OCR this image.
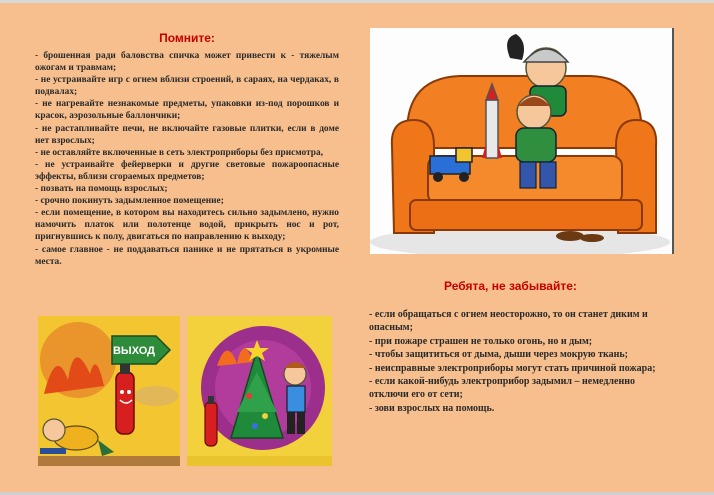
Помните:

- брошенная ради баловства спичка может привести к - тяжелым ожогам и травмам;

- не устраивайте игр с огнем вблизи строений, в сараях, на чердаках, в подвалах;

- не нагревайте незнакомые предметы, упаковки из-под порошков и красок, аэрозольные баллончики;

- не растапливайте печи, не включайте газовые плитки, если в доме нет взрослых;

- не оставляйте включенные в сеть электроприборы без присмотра,

- не устраивайте фейерверки и другие световые пожароопасные эффекты, вблизи сгораемых предметов;

- позвать на помощь взрослых;

- срочно покинуть задымленное помещение;

- если помещение, в котором вы находитесь сильно задымлено, нужно намочить платок или полотенце водой, прикрыть нос и рот, пригнувшись к полу, двигаться по направлению к выходу;

- самое главное - не поддаваться панике и не прятаться в укромные места.

ВЫХОД
Ребята, не забывайте:

- если обращаться с огнем неосторожно, то он станет диким и опасным;

- при пожаре страшен не только огонь, но и дым;

- чтобы защититься от дыма, дыши через мокрую ткань;

- неисправные электроприборы могут стать причиной пожара;

- если какой-нибудь электроприбор задымил – немедленно отключи его от сети;

- зови взрослых на помощь.
